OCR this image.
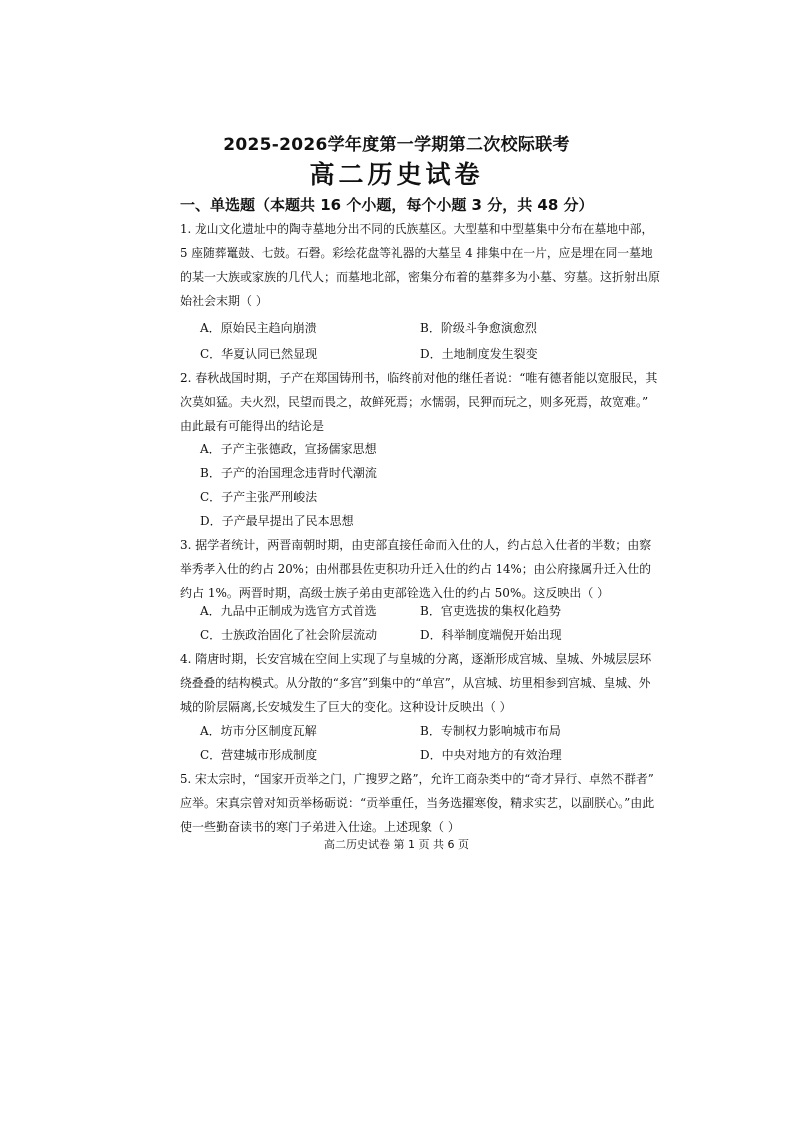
2025-2026学年度第一学期第二次校际联考
高二历史试卷
一、单选题（本题共 16 个小题，每个小题 3 分，共 48 分）
1. 龙山文化遗址中的陶寺墓地分出不同的氏族墓区。大型墓和中型墓集中分布在墓地中部，
5 座随葬鼍鼓、七鼓。石磬。彩绘花盘等礼器的大墓呈 4 排集中在一片，应是埋在同一墓地
的某一大族或家族的几代人；而墓地北部，密集分布着的墓葬多为小墓、穷墓。这折射出原
始社会末期（ ）
A．原始民主趋向崩溃	B．阶级斗争愈演愈烈
C．华夏认同已然显现	D．土地制度发生裂变
2. 春秋战国时期，子产在郑国铸刑书，临终前对他的继任者说：“唯有德者能以宽服民，其
次莫如猛。夫火烈，民望而畏之，故鲜死焉；水懦弱，民狎而玩之，则多死焉，故宽难。”
由此最有可能得出的结论是
A．子产主张德政，宣扬儒家思想
B．子产的治国理念违背时代潮流
C．子产主张严刑峻法
D．子产最早提出了民本思想
3. 据学者统计，两晋南朝时期，由吏部直接任命而入仕的人，约占总入仕者的半数；由察
举秀孝入仕的约占 20%；由州郡县佐吏积功升迁入仕的约占 14%；由公府掾属升迁入仕的
约占 1%。两晋时期，高级士族子弟由吏部铨选入仕的约占 50%。这反映出（ ）
A．九品中正制成为选官方式首选	B．官吏选拔的集权化趋势
C．士族政治固化了社会阶层流动	D．科举制度端倪开始出现
4. 隋唐时期，长安宫城在空间上实现了与皇城的分离，逐渐形成宫城、皇城、外城层层环
绕叠叠的结构模式。从分散的“多宫”到集中的“单宫”，从宫城、坊里相参到宫城、皇城、外
城的阶层隔离,长安城发生了巨大的变化。这种设计反映出（ ）
A．坊市分区制度瓦解	B．专制权力影响城市布局
C．营建城市形成制度	D．中央对地方的有效治理
5. 宋太宗时，“国家开贡举之门，广搜罗之路”，允许工商杂类中的“奇才异行、卓然不群者”
应举。宋真宗曾对知贡举杨砺说：“贡举重任，当务选擢寒俊，精求实艺，以副朕心。”由此
使一些勤奋读书的寒门子弟进入仕途。上述现象（ ）
高二历史试卷 第 1 页 共 6 页
